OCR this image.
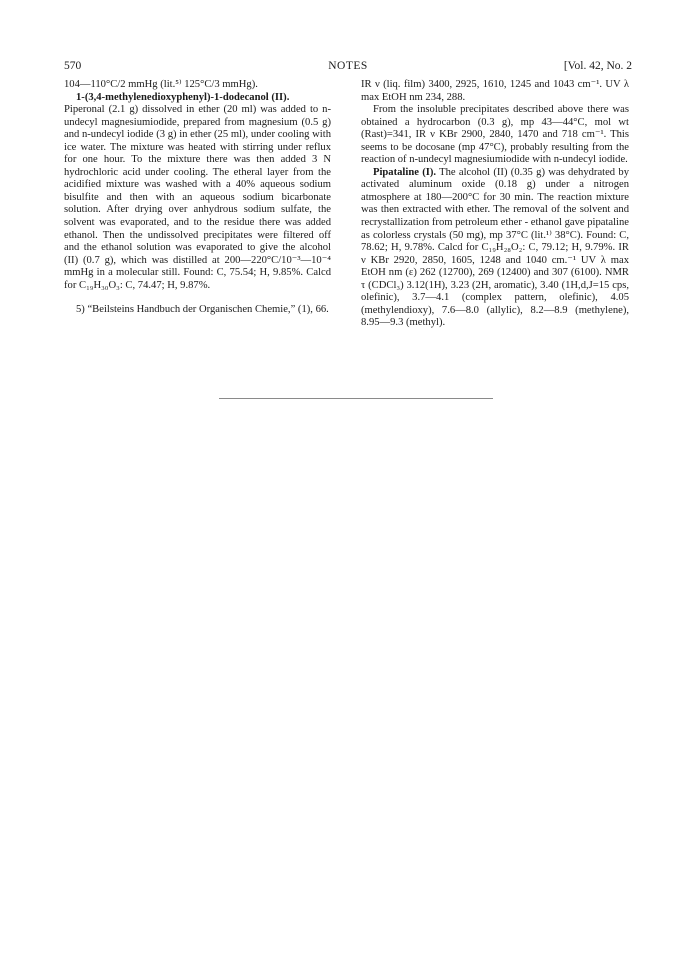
570	NOTES	[Vol. 42, No. 2

104—110°C/2 mmHg (lit.⁵⁾ 125°C/3 mmHg).

1-(3,4-methylenedioxyphenyl)-1-dodecanol (II).

Piperonal (2.1 g) dissolved in ether (20 ml) was added to n-undecyl magnesiumiodide, prepared from magnesium (0.5 g) and n-undecyl iodide (3 g) in ether (25 ml), under cooling with ice water. The mixture was heated with stirring under reflux for one hour. To the mixture there was then added 3 N hydrochloric acid under cooling. The etheral layer from the acidified mixture was washed with a 40% aqueous sodium bisulfite and then with an aqueous sodium bicarbonate solution. After drying over anhydrous sodium sulfate, the solvent was evaporated, and to the residue there was added ethanol. Then the undissolved precipitates were filtered off and the ethanol solution was evaporated to give the alcohol (II) (0.7 g), which was distilled at 200—220°C/10⁻³—10⁻⁴ mmHg in a molecular still. Found: C, 75.54; H, 9.85%. Calcd for C₁₉H₃₀O₃: C, 74.47; H, 9.87%.

5) “Beilsteins Handbuch der Organischen Chemie,” (1), 66.

IR ν (liq. film) 3400, 2925, 1610, 1245 and 1043 cm⁻¹. UV λ max EtOH nm 234, 288.

From the insoluble precipitates described above there was obtained a hydrocarbon (0.3 g), mp 43—44°C, mol wt (Rast)=341, IR ν KBr 2900, 2840, 1470 and 718 cm⁻¹. This seems to be docosane (mp 47°C), probably resulting from the reaction of n-undecyl magnesiumiodide with n-undecyl iodide.

Pipataline (I). The alcohol (II) (0.35 g) was dehydrated by activated aluminum oxide (0.18 g) under a nitrogen atmosphere at 180—200°C for 30 min. The reaction mixture was then extracted with ether. The removal of the solvent and recrystallization from petroleum ether - ethanol gave pipataline as colorless crystals (50 mg), mp 37°C (lit.¹⁾ 38°C). Found: C, 78.62; H, 9.78%. Calcd for C₁₉H₂₈O₂: C, 79.12; H, 9.79%. IR ν KBr 2920, 2850, 1605, 1248 and 1040 cm.⁻¹ UV λ max EtOH nm (ε) 262 (12700), 269 (12400) and 307 (6100). NMR τ (CDCl₃) 3.12(1H), 3.23 (2H, aromatic), 3.40 (1H,d,J=15 cps, olefinic), 3.7—4.1 (complex pattern, olefinic), 4.05 (methylendioxy), 7.6—8.0 (allylic), 8.2—8.9 (methylene), 8.95—9.3 (methyl).
